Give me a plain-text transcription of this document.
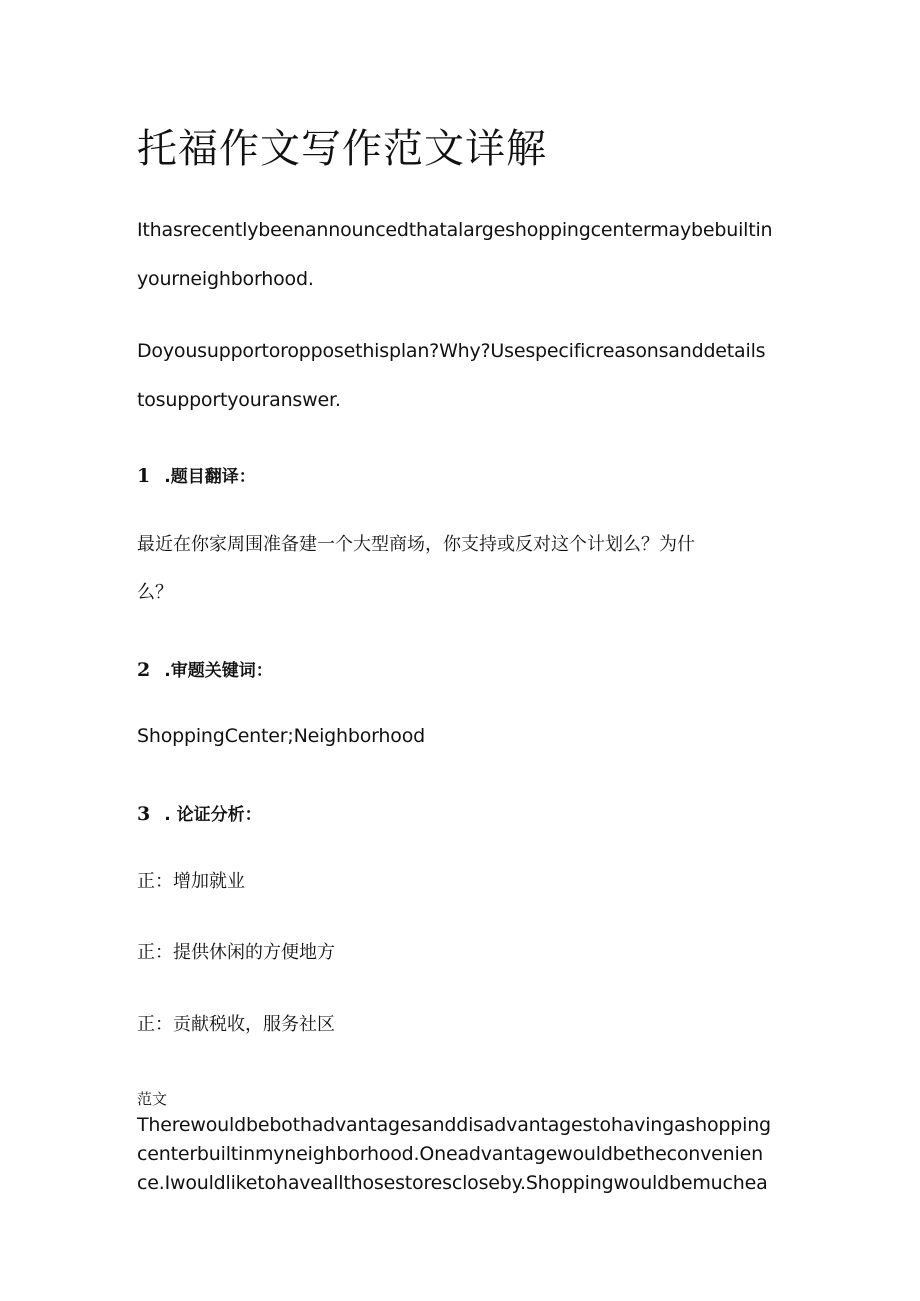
托福作文写作范文详解
Ithasrecentlybeenannouncedthatalargeshoppingcentermaybebuiltin
yourneighborhood.
Doyousupportoropposethisplan?Why?Usespecificreasonsanddetails
tosupportyouranswer.
1 .题目翻译：
最近在你家周围准备建一个大型商场，你支持或反对这个计划么？为什
么？
2 .审题关键词：
ShoppingCenter;Neighborhood
3 . 论证分析：
正：增加就业
正：提供休闲的方便地方
正：贡献税收，服务社区
范文
Therewouldbebothadvantagesanddisadvantagestohavingashopping
centerbuiltinmyneighborhood.Oneadvantagewouldbetheconvenien
ce.Iwouldliketohaveallthosestorescloseby.Shoppingwouldbemuchea
